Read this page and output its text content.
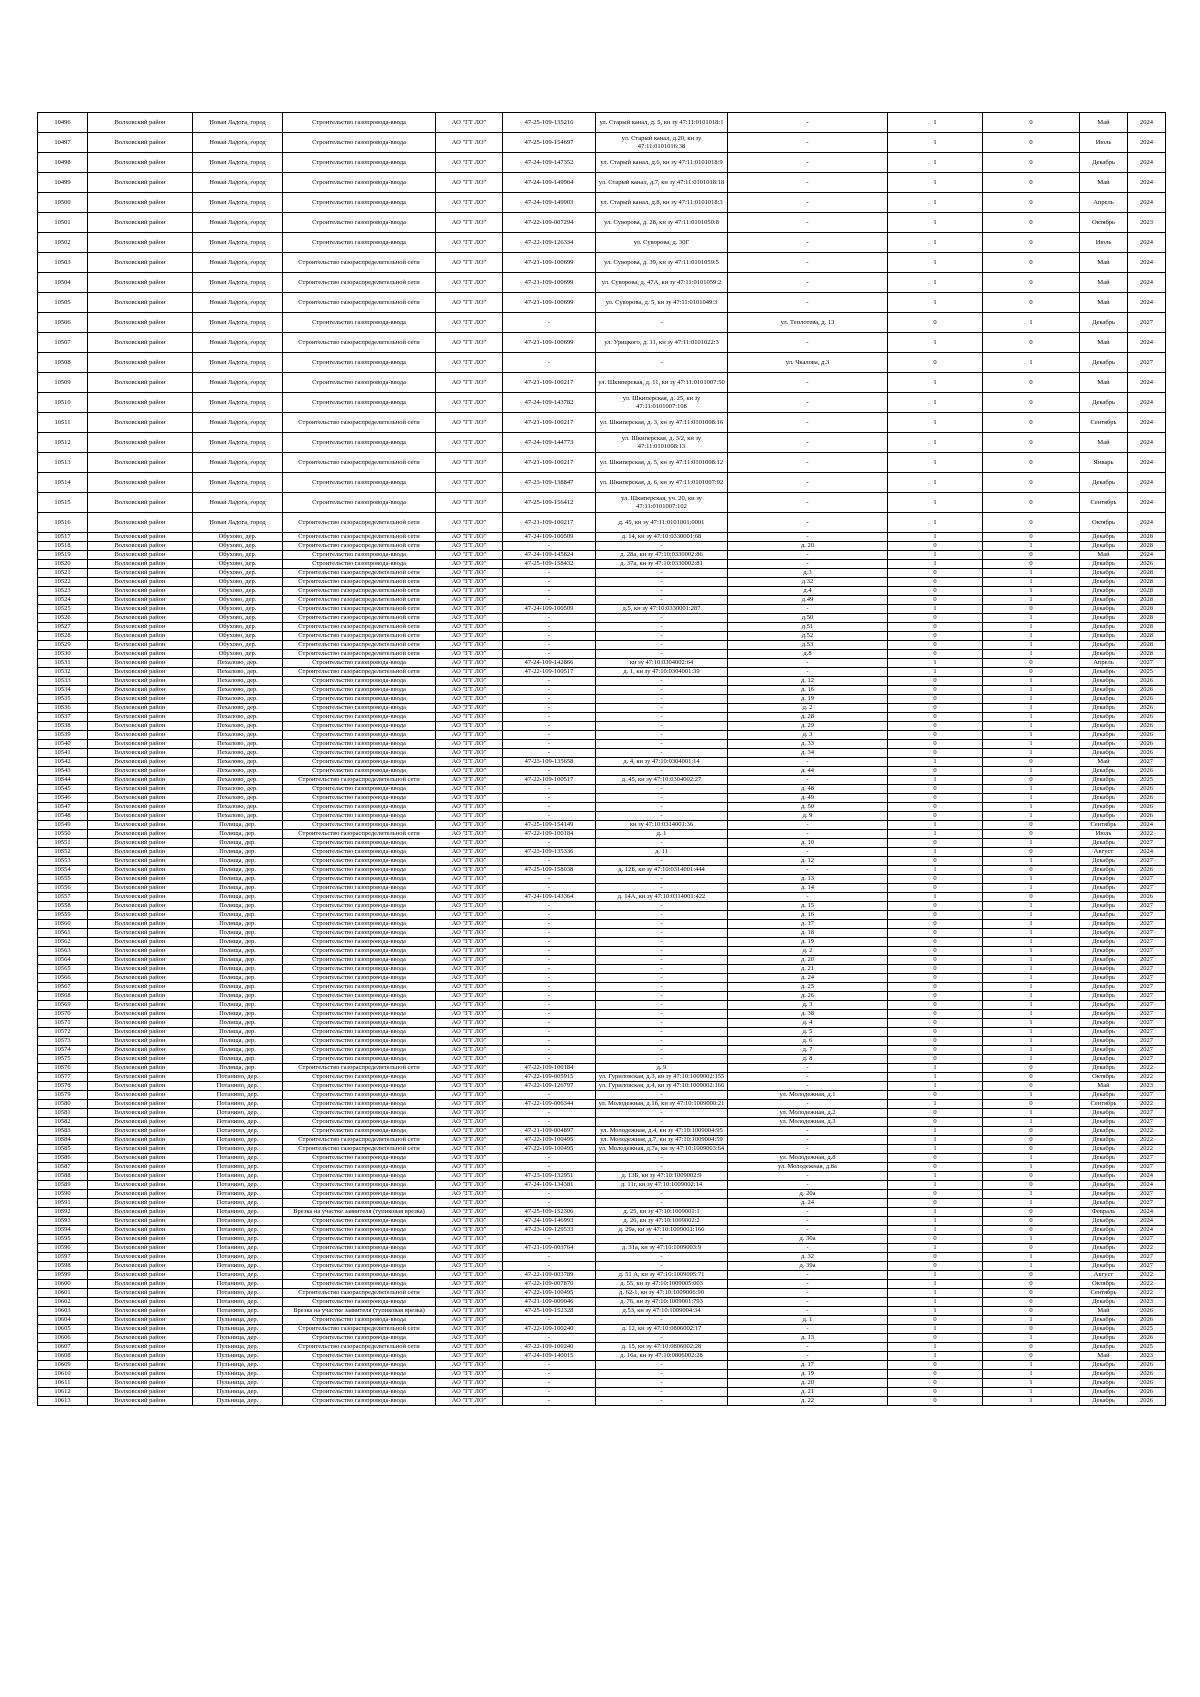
10496	Волховский район	Новая Ладога, город	Строительство газопровода-ввода	АО "ГТ ЛО"	47-25-109-135216	ул. Старый канал, д. 5, кн зу 47:11:0101018:1	-	1	0	Май	2024
10497	Волховский район	Новая Ладога, город	Строительство газопровода-ввода	АО "ГТ ЛО"	47-25-109-154697	ул. Старый канал, д.20, кн зу 47:11:0101016:38	-	1	0	Июль	2024
10498	Волховский район	Новая Ладога, город	Строительство газопровода-ввода	АО "ГТ ЛО"	47-24-109-147352	ул. Старый канал, д.6, кн зу 47:11:0101018:9	-	1	0	Декабрь	2024
10499	Волховский район	Новая Ладога, город	Строительство газопровода-ввода	АО "ГТ ЛО"	47-24-109-149904	ул. Старый канал, д.7, кн зу 47:11:0101018:18	-	1	0	Май	2024
10500	Волховский район	Новая Ладога, город	Строительство газопровода-ввода	АО "ГТ ЛО"	47-24-109-149903	ул. Старый канал, д.8, кн зу 47:11:0101018:3	-	1	0	Апрель	2024
10501	Волховский район	Новая Ладога, город	Строительство газопровода-ввода	АО "ГТ ЛО"	47-22-109-007294	ул. Суворова, д. 28, кн зу 47:11:0101050:8	-	1	0	Октябрь	2023
10502	Волховский район	Новая Ладога, город	Строительство газопровода-ввода	АО "ГТ ЛО"	47-22-109-126334	ул. Суворова, д. 30Г	-	1	0	Июль	2024
10503	Волховский район	Новая Ладога, город	Строительство газораспределительной сети	АО "ГТ ЛО"	47-21-109-100699	ул. Суворова, д. 39, кн зу 47:11:0101059:5	-	1	0	Май	2024
10504	Волховский район	Новая Ладога, город	Строительство газораспределительной сети	АО "ГТ ЛО"	47-21-109-100699	ул. Суворова, д. 47А, кн зу 47:11:0101059:2	-	1	0	Май	2024
10505	Волховский район	Новая Ладога, город	Строительство газораспределительной сети	АО "ГТ ЛО"	47-21-109-100699	ул. Суворова, д. 5, кн зу 47:11:0101049:3	-	1	0	Май	2024
10506	Волховский район	Новая Ладога, город	Строительство газопровода-ввода	АО "ГТ ЛО"	-	-	ул. Теплотева, д. 13	0	1	Декабрь	2027
10507	Волховский район	Новая Ладога, город	Строительство газораспределительной сети	АО "ГТ ЛО"	47-21-109-100699	ул. Урицкого, д. 11, кн зу 47:11:0101022:3	-	1	0	Май	2024
10508	Волховский район	Новая Ладога, город	Строительство газопровода-ввода	АО "ГТ ЛО"	-	-	ул. Чкалова, д.3	0	1	Декабрь	2027
10509	Волховский район	Новая Ладога, город	Строительство газопровода-ввода	АО "ГТ ЛО"	47-21-109-100217	ул. Шкиперская, д. 11, кн зу 47:11:0101007:50	-	1	0	Май	2024
10510	Волховский район	Новая Ладога, город	Строительство газопровода-ввода	АО "ГТ ЛО"	47-24-109-143782	ул. Шкиперская, д. 25, кн зу 47:11:0101007:108	-	1	0	Декабрь	2024
10511	Волховский район	Новая Ладога, город	Строительство газораспределительной сети	АО "ГТ ЛО"	47-21-109-100217	ул. Шкиперская, д. 3, кн зу 47:11:0101008:16	-	1	0	Сентябрь	2024
10512	Волховский район	Новая Ладога, город	Строительство газопровода-ввода	АО "ГТ ЛО"	47-24-109-144773	ул. Шкиперская, д. 3/2, кн зу 47:11:0101008:13	-	1	0	Май	2024
10513	Волховский район	Новая Ладога, город	Строительство газораспределительной сети	АО "ГТ ЛО"	47-21-109-100217	ул. Шкиперская, д. 5, кн зу 47:11:0101008:12	-	1	0	Январь	2024
10514	Волховский район	Новая Ладога, город	Строительство газопровода-ввода	АО "ГТ ЛО"	47-23-109-138847	ул. Шкиперская, д. 6, кн зу 47:11:0101007:92	-	1	0	Декабрь	2024
10515	Волховский район	Новая Ладога, город	Строительство газопровода-ввода	АО "ГТ ЛО"	47-25-109-156412	ул. Шкиперская, уч. 20, кн зу 47:11:0101007:102	-	1	0	Сентябрь	2024
10516	Волховский район	Новая Ладога, город	Строительство газораспределительной сети	АО "ГТ ЛО"	47-21-109-100217	д. 45, кн зу 47:11:0101001:0001	-	1	0	Октябрь	2024
10517	Волховский район	Обухово, дер.	Строительство газораспределительной сети	АО "ГТ ЛО"	47-24-109-100509	д. 14, кн зу 47:10:0330001:68	-	1	0	Декабрь	2028
10518	Волховский район	Обухово, дер.	Строительство газораспределительной сети	АО "ГТ ЛО"	-	-	д. 20	0	1	Декабрь	2028
10519	Волховский район	Обухово, дер.	Строительство газопровода-ввода	АО "ГТ ЛО"	47-24-109-145824	д. 28а, кн зу 47:10:0330002:86	-	1	0	Май	2024
10520	Волховский район	Обухово, дер.	Строительство газопровода-ввода	АО "ГТ ЛО"	47-25-109-158432	д. 37а, кн зу 47:10:0330002:81	-	1	0	Декабрь	2026
10521	Волховский район	Обухово, дер.	Строительство газораспределительной сети	АО "ГТ ЛО"	-	-	д.3	0	1	Декабрь	2028
10522	Волховский район	Обухово, дер.	Строительство газораспределительной сети	АО "ГТ ЛО"	-	-	д.32	0	1	Декабрь	2028
10523	Волховский район	Обухово, дер.	Строительство газораспределительной сети	АО "ГТ ЛО"	-	-	д.4	0	1	Декабрь	2028
10524	Волховский район	Обухово, дер.	Строительство газораспределительной сети	АО "ГТ ЛО"	-	-	д.49	0	1	Декабрь	2028
10525	Волховский район	Обухово, дер.	Строительство газораспределительной сети	АО "ГТ ЛО"	47-24-109-100509	д.5, кн зу 47:10:0330001:287	-	1	0	Декабрь	2028
10526	Волховский район	Обухово, дер.	Строительство газораспределительной сети	АО "ГТ ЛО"	-	-	д.50	0	1	Декабрь	2028
10527	Волховский район	Обухово, дер.	Строительство газораспределительной сети	АО "ГТ ЛО"	-	-	д.51	0	1	Декабрь	2028
10528	Волховский район	Обухово, дер.	Строительство газораспределительной сети	АО "ГТ ЛО"	-	-	д.52	0	1	Декабрь	2028
10529	Волховский район	Обухово, дер.	Строительство газораспределительной сети	АО "ГТ ЛО"	-	-	д.53	0	1	Декабрь	2028
10530	Волховский район	Обухово, дер.	Строительство газораспределительной сети	АО "ГТ ЛО"	-	-	д.8	0	1	Декабрь	2028
10531	Волховский район	Пехалово, дер.	Строительство газопровода-ввода	АО "ГТ ЛО"	47-24-109-142866	кн зу 47:10:0304002:64	-	1	0	Апрель	2027
10532	Волховский район	Пехалово, дер.	Строительство газораспределительной сети	АО "ГТ ЛО"	47-22-109-100517	д. 1, кн зу 47:10:0304001:39	-	1	0	Декабрь	2025
10533	Волховский район	Пехалово, дер.	Строительство газопровода-ввода	АО "ГТ ЛО"	-	-	д. 12	0	1	Декабрь	2026
10534	Волховский район	Пехалово, дер.	Строительство газопровода-ввода	АО "ГТ ЛО"	-	-	д. 16	0	1	Декабрь	2026
10535	Волховский район	Пехалово, дер.	Строительство газопровода-ввода	АО "ГТ ЛО"	-	-	д. 19	0	1	Декабрь	2026
10536	Волховский район	Пехалово, дер.	Строительство газопровода-ввода	АО "ГТ ЛО"	-	-	д. 2	0	1	Декабрь	2026
10537	Волховский район	Пехалово, дер.	Строительство газопровода-ввода	АО "ГТ ЛО"	-	-	д. 28	0	1	Декабрь	2026
10538	Волховский район	Пехалово, дер.	Строительство газопровода-ввода	АО "ГТ ЛО"	-	-	д. 29	0	1	Декабрь	2026
10539	Волховский район	Пехалово, дер.	Строительство газопровода-ввода	АО "ГТ ЛО"	-	-	д. 3	0	1	Декабрь	2026
10540	Волховский район	Пехалово, дер.	Строительство газопровода-ввода	АО "ГТ ЛО"	-	-	д. 33	0	1	Декабрь	2026
10541	Волховский район	Пехалово, дер.	Строительство газопровода-ввода	АО "ГТ ЛО"	-	-	д. 34	0	1	Декабрь	2026
10542	Волховский район	Пехалово, дер.	Строительство газопровода-ввода	АО "ГТ ЛО"	47-23-109-135658	д. 4, кн зу 47:10:0304001:14	-	1	0	Май	2027
10543	Волховский район	Пехалово, дер.	Строительство газопровода-ввода	АО "ГТ ЛО"	-	-	д. 44	0	1	Декабрь	2026
10544	Волховский район	Пехалово, дер.	Строительство газораспределительной сети	АО "ГТ ЛО"	47-22-109-100517	д. 45, кн зу 47:10:0304002:27	-	1	0	Декабрь	2025
10545	Волховский район	Пехалово, дер.	Строительство газопровода-ввода	АО "ГТ ЛО"	-	-	д. 48	0	1	Декабрь	2026
10546	Волховский район	Пехалово, дер.	Строительство газопровода-ввода	АО "ГТ ЛО"	-	-	д. 49	0	1	Декабрь	2026
10547	Волховский район	Пехалово, дер.	Строительство газопровода-ввода	АО "ГТ ЛО"	-	-	д. 50	0	1	Декабрь	2026
10548	Волховский район	Пехалово, дер.	Строительство газопровода-ввода	АО "ГТ ЛО"	-	-	д. 9	0	1	Декабрь	2026
10549	Волховский район	Полища, дер.	Строительство газопровода-ввода	АО "ГТ ЛО"	47-25-109-154149	кн зу 47:10:0314001:36	-	1	0	Сентябрь	2024
10550	Волховский район	Полища, дер.	Строительство газораспределительной сети	АО "ГТ ЛО"	47-22-109-100184	д. 1	-	1	0	Июль	2022
10551	Волховский район	Полища, дер.	Строительство газопровода-ввода	АО "ГТ ЛО"	-	-	д. 10	0	1	Декабрь	2027
10552	Волховский район	Полища, дер.	Строительство газопровода-ввода	АО "ГТ ЛО"	47-23-109-135336	д. 11	-	1	0	Август	2024
10553	Волховский район	Полища, дер.	Строительство газопровода-ввода	АО "ГТ ЛО"	-	-	д. 12	0	1	Декабрь	2027
10554	Волховский район	Полища, дер.	Строительство газопровода-ввода	АО "ГТ ЛО"	47-25-109-158038	д. 12Б, кн зу 47:10:0314001:444	-	1	0	Декабрь	2026
10555	Волховский район	Полища, дер.	Строительство газопровода-ввода	АО "ГТ ЛО"	-	-	д. 13	0	1	Декабрь	2027
10556	Волховский район	Полища, дер.	Строительство газопровода-ввода	АО "ГТ ЛО"	-	-	д. 14	0	1	Декабрь	2027
10557	Волховский район	Полища, дер.	Строительство газопровода-ввода	АО "ГТ ЛО"	47-24-109-143364	д. 14А, кн зу 47:10:0314001:422	-	1	0	Декабрь	2026
10558	Волховский район	Полища, дер.	Строительство газопровода-ввода	АО "ГТ ЛО"	-	-	д. 15	0	1	Декабрь	2027
10559	Волховский район	Полища, дер.	Строительство газопровода-ввода	АО "ГТ ЛО"	-	-	д. 16	0	1	Декабрь	2027
10560	Волховский район	Полища, дер.	Строительство газопровода-ввода	АО "ГТ ЛО"	-	-	д. 17	0	1	Декабрь	2027
10561	Волховский район	Полища, дер.	Строительство газопровода-ввода	АО "ГТ ЛО"	-	-	д. 18	0	1	Декабрь	2027
10562	Волховский район	Полища, дер.	Строительство газопровода-ввода	АО "ГТ ЛО"	-	-	д. 19	0	1	Декабрь	2027
10563	Волховский район	Полища, дер.	Строительство газопровода-ввода	АО "ГТ ЛО"	-	-	д. 2	0	1	Декабрь	2027
10564	Волховский район	Полища, дер.	Строительство газопровода-ввода	АО "ГТ ЛО"	-	-	д. 20	0	1	Декабрь	2027
10565	Волховский район	Полища, дер.	Строительство газопровода-ввода	АО "ГТ ЛО"	-	-	д. 21	0	1	Декабрь	2027
10566	Волховский район	Полища, дер.	Строительство газопровода-ввода	АО "ГТ ЛО"	-	-	д. 24	0	1	Декабрь	2027
10567	Волховский район	Полища, дер.	Строительство газопровода-ввода	АО "ГТ ЛО"	-	-	д. 25	0	1	Декабрь	2027
10568	Волховский район	Полища, дер.	Строительство газопровода-ввода	АО "ГТ ЛО"	-	-	д. 26	0	1	Декабрь	2027
10569	Волховский район	Полища, дер.	Строительство газопровода-ввода	АО "ГТ ЛО"	-	-	д. 3	0	1	Декабрь	2027
10570	Волховский район	Полища, дер.	Строительство газопровода-ввода	АО "ГТ ЛО"	-	-	д. 38	0	1	Декабрь	2027
10571	Волховский район	Полища, дер.	Строительство газопровода-ввода	АО "ГТ ЛО"	-	-	д. 4	0	1	Декабрь	2027
10572	Волховский район	Полища, дер.	Строительство газопровода-ввода	АО "ГТ ЛО"	-	-	д. 5	0	1	Декабрь	2027
10573	Волховский район	Полища, дер.	Строительство газопровода-ввода	АО "ГТ ЛО"	-	-	д. 6	0	1	Декабрь	2027
10574	Волховский район	Полища, дер.	Строительство газопровода-ввода	АО "ГТ ЛО"	-	-	д. 7	0	1	Декабрь	2027
10575	Волховский район	Полища, дер.	Строительство газопровода-ввода	АО "ГТ ЛО"	-	-	д. 8	0	1	Декабрь	2027
10576	Волховский район	Полища, дер.	Строительство газораспределительной сети	АО "ГТ ЛО"	47-22-109-100184	д. 9	-	1	0	Декабрь	2022
10577	Волховский район	Потанино, дер.	Строительство газопровода-ввода	АО "ГТ ЛО"	47-22-109-005915	ул. Гуриловская, д.3, кн зу 47:10:1009002:155	-	1	0	Октябрь	2022
10578	Волховский район	Потанино, дер.	Строительство газопровода-ввода	АО "ГТ ЛО"	47-22-109-126797	ул. Гуриловская, д.4, кн зу 47:10:1009002:166	-	1	0	Май	2023
10579	Волховский район	Потанино, дер.	Строительство газопровода-ввода	АО "ГТ ЛО"	-	-	ул. Молодежная, д.1	0	1	Декабрь	2027
10580	Волховский район	Потанино, дер.	Строительство газопровода-ввода	АО "ГТ ЛО"	47-22-109-006344	ул. Молодежная, д.1б, кн зу 47:10:1009000:21	-	1	0	Сентябрь	2022
10581	Волховский район	Потанино, дер.	Строительство газопровода-ввода	АО "ГТ ЛО"	-	-	ул. Молодежная, д.2	0	1	Декабрь	2027
10582	Волховский район	Потанино, дер.	Строительство газопровода-ввода	АО "ГТ ЛО"	-	-	ул. Молодежная, д.3	0	1	Декабрь	2027
10583	Волховский район	Потанино, дер.	Строительство газопровода-ввода	АО "ГТ ЛО"	47-21-109-004897	ул. Молодежная, д.4, кн зу 47:10:1009004:95	-	1	0	Декабрь	2022
10584	Волховский район	Потанино, дер.	Строительство газораспределительной сети	АО "ГТ ЛО"	47-22-109-100495	ул. Молодежная, д.7, кн зу 47:10:1009004:59	-	1	0	Декабрь	2022
10585	Волховский район	Потанино, дер.	Строительство газораспределительной сети	АО "ГТ ЛО"	47-22-109-100495	ул. Молодежная, д.7а, кн зу 47:10:1009003:64	-	1	0	Декабрь	2022
10586	Волховский район	Потанино, дер.	Строительство газопровода-ввода	АО "ГТ ЛО"	-	-	ул. Молодежная, д.8	0	1	Декабрь	2027
10587	Волховский район	Потанино, дер.	Строительство газопровода-ввода	АО "ГТ ЛО"	-	-	ул. Молодежная, д.8а	0	1	Декабрь	2027
10588	Волховский район	Потанино, дер.	Строительство газопровода-ввода	АО "ГТ ЛО"	47-23-109-132951	д. 13Б, кн зу 47:10:1009002:9	-	1	0	Декабрь	2024
10589	Волховский район	Потанино, дер.	Строительство газопровода-ввода	АО "ГТ ЛО"	47-24-109-134381	д. 11г, кн зу 47:10:1009002:14	-	1	0	Декабрь	2024
10590	Волховский район	Потанино, дер.	Строительство газопровода-ввода	АО "ГТ ЛО"	-	-	д. 20а	0	1	Декабрь	2027
10591	Волховский район	Потанино, дер.	Строительство газопровода-ввода	АО "ГТ ЛО"	-	-	д. 24	0	1	Декабрь	2027
10592	Волховский район	Потанино, дер.	Врезка на участке заявителя (тупиковая врезка)	АО "ГТ ЛО"	47-25-109-152306	д. 25, кн зу 47:10:1009001:1	-	1	0	Февраль	2024
10593	Волховский район	Потанино, дер.	Строительство газопровода-ввода	АО "ГТ ЛО"	47-24-109-146993	д. 26, кн зу 47:10:1009002:2	-	1	0	Декабрь	2024
10594	Волховский район	Потанино, дер.	Строительство газопровода-ввода	АО "ГТ ЛО"	47-23-109-129533	д. 29а, кн зу 47:10:1009001:166	-	1	0	Декабрь	2024
10595	Волховский район	Потанино, дер.	Строительство газопровода-ввода	АО "ГТ ЛО"	-	-	д. 30а	0	1	Декабрь	2027
10596	Волховский район	Потанино, дер.	Строительство газопровода-ввода	АО "ГТ ЛО"	47-21-109-003764	д. 31а, кн зу 47:10:1009003:9	-	1	0	Декабрь	2022
10597	Волховский район	Потанино, дер.	Строительство газопровода-ввода	АО "ГТ ЛО"	-	-	д. 32	0	1	Декабрь	2027
10598	Волховский район	Потанино, дер.	Строительство газопровода-ввода	АО "ГТ ЛО"	-	-	д. 39а	0	1	Декабрь	2027
10599	Волховский район	Потанино, дер.	Строительство газопровода-ввода	АО "ГТ ЛО"	47-22-109-003789	д. 51 А, кн зу 47:10:1009005:71	-	1	0	Август	2022
10600	Волховский район	Потанино, дер.	Строительство газопровода-ввода	АО "ГТ ЛО"	47-22-109-007870	д. 55, кн зу 47:10:1009005:003	-	1	0	Октябрь	2022
10601	Волховский район	Потанино, дер.	Строительство газораспределительной сети	АО "ГТ ЛО"	47-22-109-100495	д. 62-1, кн зу 47:10:1009006:90	-	1	0	Сентябрь	2022
10602	Волховский район	Потанино, дер.	Строительство газопровода-ввода	АО "ГТ ЛО"	47-21-109-000046	д. 76, кн зу 47:10:1009001:793	-	1	0	Декабрь	2023
10603	Волховский район	Потанино, дер.	Врезка на участке заявителя (тупиковая врезка)	АО "ГТ ЛО"	47-25-109-152328	д.53, кн зу 47:10:1009004:34	-	1	0	Май	2026
10604	Волховский район	Пульница, дер.	Строительство газопровода-ввода	АО "ГТ ЛО"	-	-	д. 1	0	1	Декабрь	2026
10605	Волховский район	Пульница, дер.	Строительство газораспределительной сети	АО "ГТ ЛО"	47-22-109-100240	д. 12, кн зу 47:10:0806002:17	-	1	0	Декабрь	2025
10606	Волховский район	Пульница, дер.	Строительство газопровода-ввода	АО "ГТ ЛО"	-	-	д. 13	0	1	Декабрь	2026
10607	Волховский район	Пульница, дер.	Строительство газораспределительной сети	АО "ГТ ЛО"	47-22-109-100240	д. 15, кн зу 47:10:0806002:28	-	1	0	Декабрь	2025
10608	Волховский район	Пульница, дер.	Строительство газопровода-ввода	АО "ГТ ЛО"	47-24-109-140015	д. 16а, кн зу 47:10:0806002:28	-	1	0	Май	2023
10609	Волховский район	Пульница, дер.	Строительство газопровода-ввода	АО "ГТ ЛО"	-	-	д. 17	0	1	Декабрь	2026
10610	Волховский район	Пульница, дер.	Строительство газопровода-ввода	АО "ГТ ЛО"	-	-	д. 19	0	1	Декабрь	2026
10611	Волховский район	Пульница, дер.	Строительство газопровода-ввода	АО "ГТ ЛО"	-	-	д. 20	0	1	Декабрь	2026
10612	Волховский район	Пульница, дер.	Строительство газопровода-ввода	АО "ГТ ЛО"	-	-	д. 21	0	1	Декабрь	2026
10613	Волховский район	Пульница, дер.	Строительство газопровода-ввода	АО "ГТ ЛО"	-	-	д. 22	0	1	Декабрь	2026
